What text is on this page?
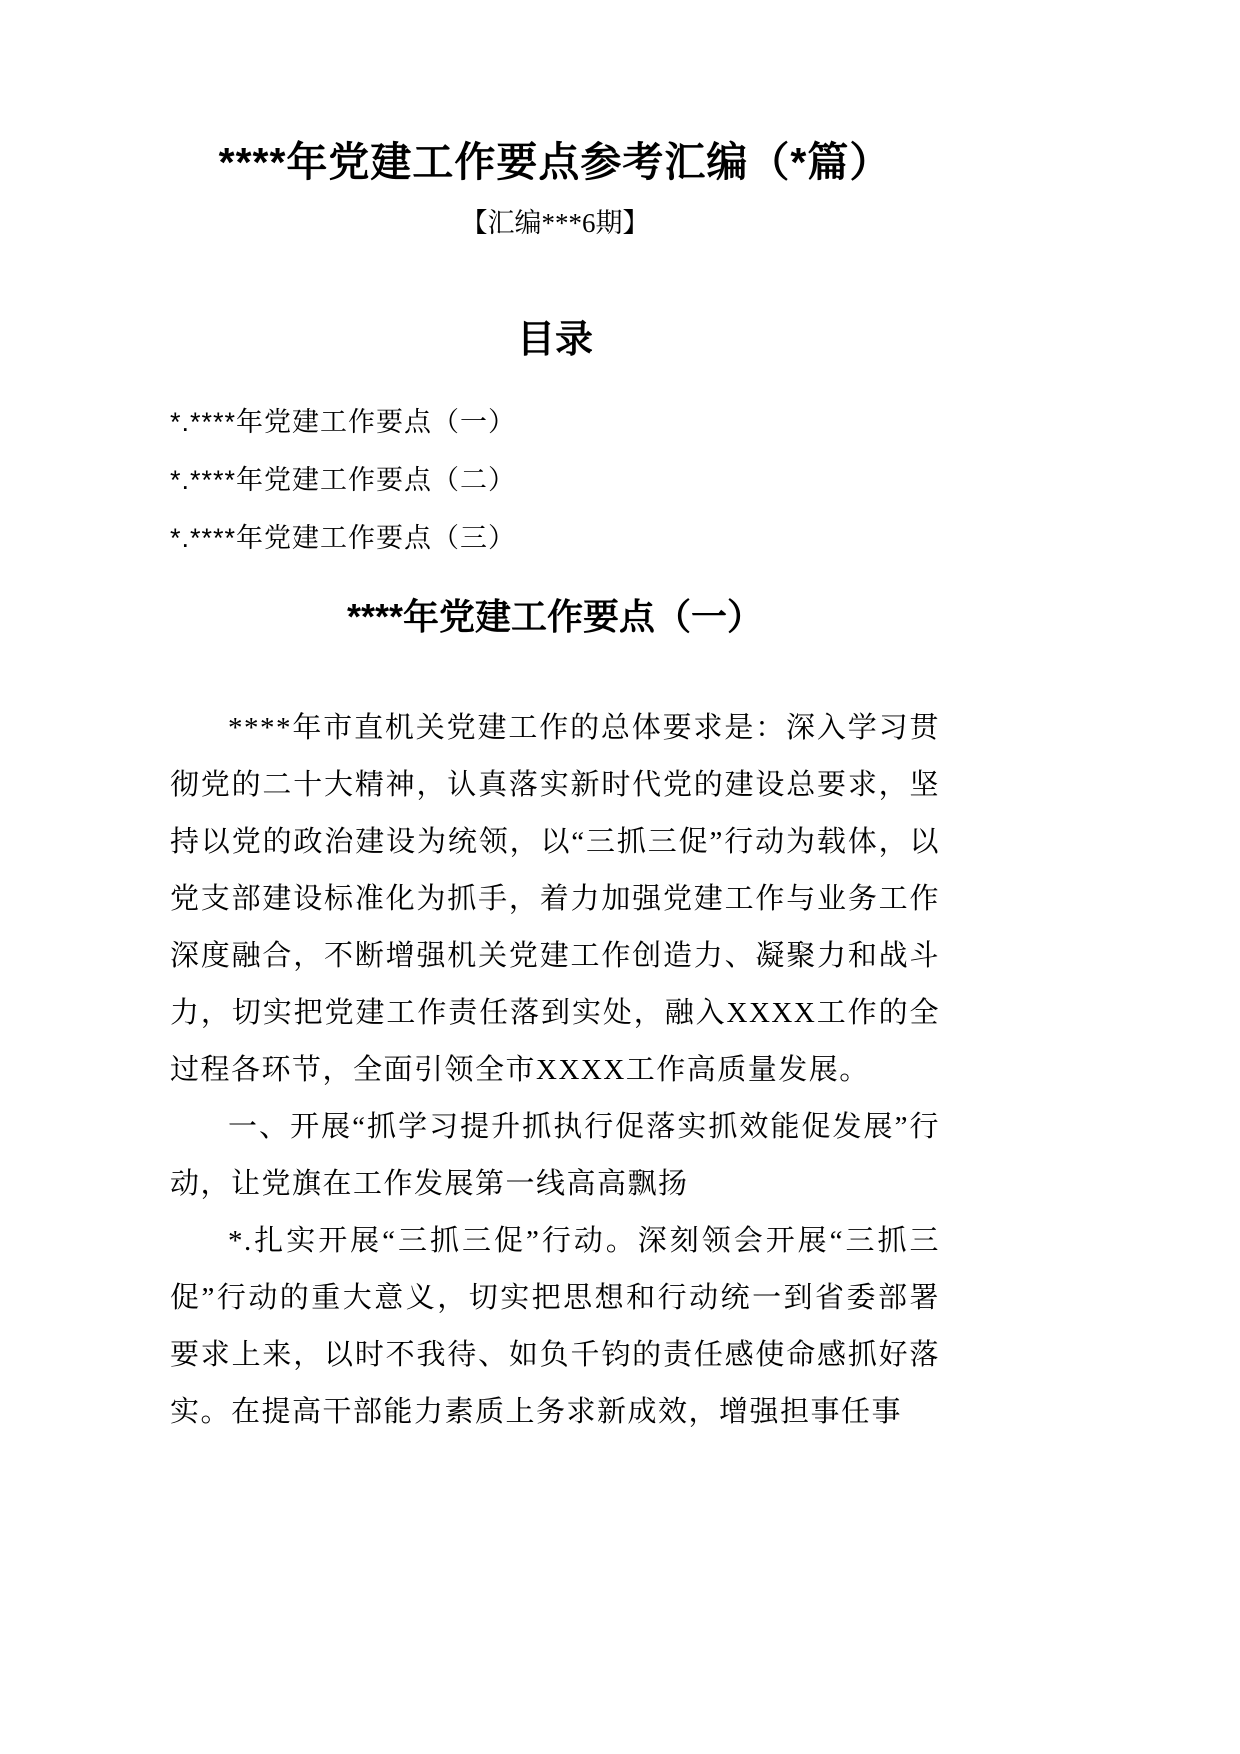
****年党建工作要点参考汇编（*篇）
【汇编***6期】
目录
*.****年党建工作要点（一）
*.****年党建工作要点（二）
*.****年党建工作要点（三）
****年党建工作要点（一）

****年市直机关党建工作的总体要求是：深入学习贯彻党的二十大精神，认真落实新时代党的建设总要求，坚持以党的政治建设为统领，以“三抓三促”行动为载体，以党支部建设标准化为抓手，着力加强党建工作与业务工作深度融合，不断增强机关党建工作创造力、凝聚力和战斗力，切实把党建工作责任落到实处，融入XXXX工作的全过程各环节，全面引领全市XXXX工作高质量发展。

一、开展“抓学习提升抓执行促落实抓效能促发展”行动，让党旗在工作发展第一线高高飘扬

*.扎实开展“三抓三促”行动。深刻领会开展“三抓三促”行动的重大意义，切实把思想和行动统一到省委部署要求上来，以时不我待、如负千钧的责任感使命感抓好落实。在提高干部能力素质上务求新成效，增强担事任事
